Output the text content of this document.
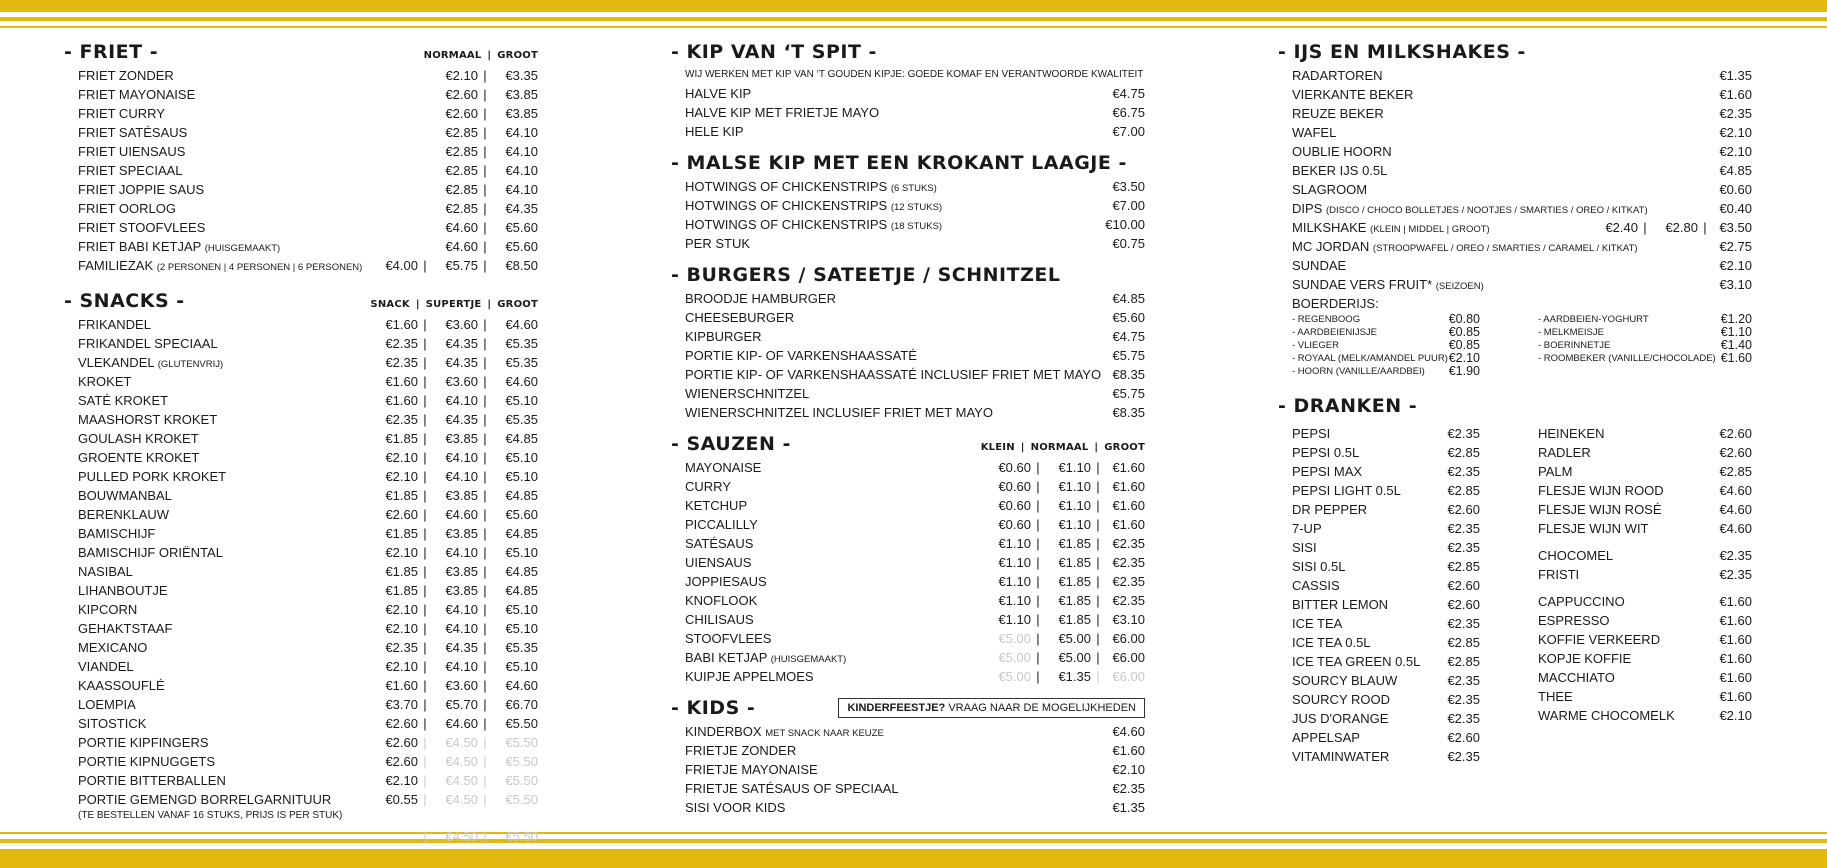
- FRIET -	NORMAAL | GROOT
FRIET ZONDER	€2.10 |	€3.35
FRIET MAYONAISE	€2.60 |	€3.85
FRIET CURRY	€2.60 |	€3.85
FRIET SATÉSAUS	€2.85 |	€4.10
FRIET UIENSAUS	€2.85 |	€4.10
FRIET SPECIAAL	€2.85 |	€4.10
FRIET JOPPIE SAUS	€2.85 |	€4.10
FRIET OORLOG	€2.85 |	€4.35
FRIET STOOFVLEES	€4.60 |	€5.60
FRIET BABI KETJAP (HUISGEMAAKT)	€4.60 |	€5.60
FAMILIEZAK (2 PERSONEN | 4 PERSONEN | 6 PERSONEN)	€4.00 |	€5.75 |	€8.50
- SNACKS -	SNACK | SUPERTJE | GROOT
FRIKANDEL	€1.60 |	€3.60 |	€4.60
FRIKANDEL SPECIAAL	€2.35 |	€4.35 |	€5.35
VLEKANDEL (GLUTENVRIJ)	€2.35 |	€4.35 |	€5.35
KROKET	€1.60 |	€3.60 |	€4.60
SATÉ KROKET	€1.60 |	€4.10 |	€5.10
MAASHORST KROKET	€2.35 |	€4.35 |	€5.35
GOULASH KROKET	€1.85 |	€3.85 |	€4.85
GROENTE KROKET	€2.10 |	€4.10 |	€5.10
PULLED PORK KROKET	€2.10 |	€4.10 |	€5.10
BOUWMANBAL	€1.85 |	€3.85 |	€4.85
BERENKLAUW	€2.60 |	€4.60 |	€5.60
BAMISCHIJF	€1.85 |	€3.85 |	€4.85
BAMISCHIJF ORIËNTAL	€2.10 |	€4.10 |	€5.10
NASIBAL	€1.85 |	€3.85 |	€4.85
LIHANBOUTJE	€1.85 |	€3.85 |	€4.85
KIPCORN	€2.10 |	€4.10 |	€5.10
GEHAKTSTAAF	€2.10 |	€4.10 |	€5.10
MEXICANO	€2.35 |	€4.35 |	€5.35
VIANDEL	€2.10 |	€4.10 |	€5.10
KAASSOUFLÉ	€1.60 |	€3.60 |	€4.60
LOEMPIA	€3.70 |	€5.70 |	€6.70
SITOSTICK	€2.60 |	€4.60 |	€5.50
PORTIE KIPFINGERS	€2.60 |	€4.50 |	€5.50
PORTIE KIPNUGGETS	€2.60 |	€4.50 |	€5.50
PORTIE BITTERBALLEN	€2.10 |	€4.50 |	€5.50
PORTIE GEMENGD BORRELGARNITUUR	€0.55 |	€4.50 |	€5.50
(TE BESTELLEN VANAF 16 STUKS, PRIJS IS PER STUK)
|	€4.50 |	€5.50
- KIP VAN ‘T SPIT -
WIJ WERKEN MET KIP VAN ‘T GOUDEN KIPJE: GOEDE KOMAF EN VERANTWOORDE KWALITEIT
HALVE KIP	€4.75
HALVE KIP MET FRIETJE MAYO	€6.75
HELE KIP	€7.00
- MALSE KIP MET EEN KROKANT LAAGJE -
HOTWINGS OF CHICKENSTRIPS (6 STUKS)	€3.50
HOTWINGS OF CHICKENSTRIPS (12 STUKS)	€7.00
HOTWINGS OF CHICKENSTRIPS (18 STUKS)	€10.00
PER STUK	€0.75
- BURGERS / SATEETJE / SCHNITZEL
BROODJE HAMBURGER	€4.85
CHEESEBURGER	€5.60
KIPBURGER	€4.75
PORTIE KIP- OF VARKENSHAASSATÉ	€5.75
PORTIE KIP- OF VARKENSHAASSATÉ INCLUSIEF FRIET MET MAYO €8.35
WIENERSCHNITZEL	€5.75
WIENERSCHNITZEL INCLUSIEF FRIET MET MAYO	€8.35
- SAUZEN -	KLEIN | NORMAAL | GROOT
MAYONAISE	€0.60 |	€1.10 | €1.60
CURRY	€0.60 |	€1.10 | €1.60
KETCHUP	€0.60 |	€1.10 | €1.60
PICCALILLY	€0.60 |	€1.10 | €1.60
SATÉSAUS	€1.10 |	€1.85 | €2.35
UIENSAUS	€1.10 |	€1.85 | €2.35
JOPPIESAUS	€1.10 |	€1.85 | €2.35
KNOFLOOK	€1.10 |	€1.85 | €2.35
CHILISAUS	€1.10 |	€1.85 | €3.10
STOOFVLEES	€5.00 |	€5.00 | €6.00
BABI KETJAP (HUISGEMAAKT)	€5.00 |	€5.00 | €6.00
KUIPJE APPELMOES	€5.00 |	€1.35 | €6.00
- KIDS -	KINDERFEESTJE? VRAAG NAAR DE MOGELIJKHEDEN
KINDERBOX MET SNACK NAAR KEUZE	€4.60
FRIETJE ZONDER	€1.60
FRIETJE MAYONAISE	€2.10
FRIETJE SATÉSAUS OF SPECIAAL	€2.35
SISI VOOR KIDS	€1.35
- IJS EN MILKSHAKES -
RADARTOREN	€1.35
VIERKANTE BEKER	€1.60
REUZE BEKER	€2.35
WAFEL	€2.10
OUBLIE HOORN	€2.10
BEKER IJS 0.5L	€4.85
SLAGROOM	€0.60
DIPS (DISCO / CHOCO BOLLETJES / NOOTJES / SMARTIES / OREO / KITKAT)	€0.40
MILKSHAKE (KLEIN | MIDDEL | GROOT)	€2.40 |	€2.80 | €3.50
MC JORDAN (STROOPWAFEL / OREO / SMARTIES / CARAMEL / KITKAT)	€2.75
SUNDAE	€2.10
SUNDAE VERS FRUIT* (SEIZOEN)	€3.10
BOERDERIJS:
- REGENBOOG	€0.80
- AARDBEIENIJSJE	€0.85
- VLIEGER	€0.85
- ROYAAL (MELK/AMANDEL PUUR) €2.10
- HOORN (VANILLE/AARDBEI) €1.90
- AARDBEIEN-YOGHURT	€1.20
- MELKMEISJE	€1.10
- BOERINNETJE	€1.40
- ROOMBEKER (VANILLE/CHOCOLADE) €1.60
- DRANKEN -
PEPSI	€2.35
PEPSI 0.5L	€2.85
PEPSI MAX	€2.35
PEPSI LIGHT 0.5L	€2.85
DR PEPPER	€2.60
7-UP	€2.35
SISI	€2.35
SISI 0.5L	€2.85
CASSIS	€2.60
BITTER LEMON	€2.60
ICE TEA	€2.35
ICE TEA 0.5L	€2.85
ICE TEA GREEN 0.5L €2.85
SOURCY BLAUW	€2.35
SOURCY ROOD	€2.35
JUS D'ORANGE	€2.35
APPELSAP	€2.60
VITAMINWATER	€2.35
HEINEKEN	€2.60
RADLER	€2.60
PALM	€2.85
FLESJE WIJN ROOD	€4.60
FLESJE WIJN ROSÉ	€4.60
FLESJE WIJN WIT	€4.60
CHOCOMEL	€2.35
FRISTI	€2.35
CAPPUCCINO	€1.60
ESPRESSO	€1.60
KOFFIE VERKEERD	€1.60
KOPJE KOFFIE	€1.60
MACCHIATO	€1.60
THEE	€1.60
WARME CHOCOMELK	€2.10
